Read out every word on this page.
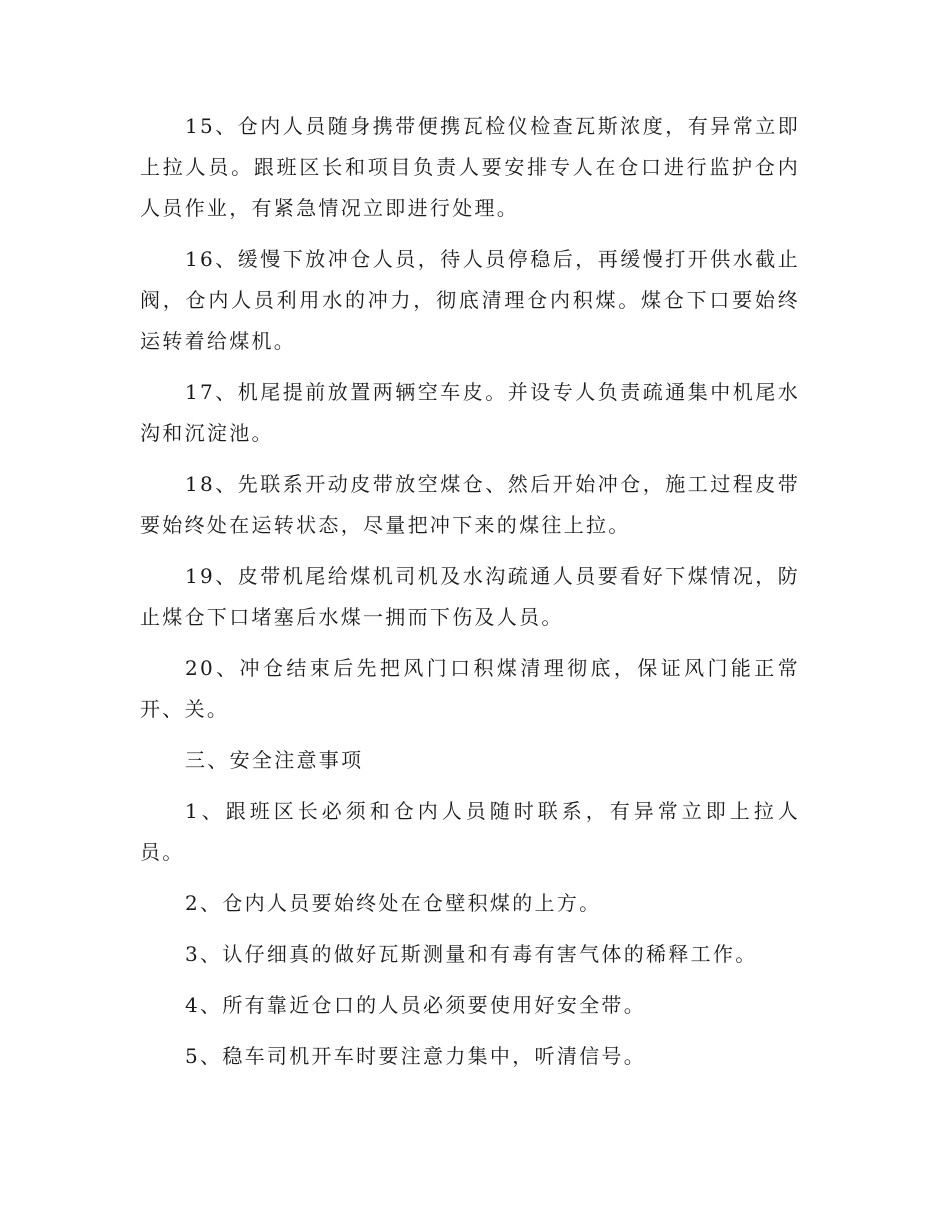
15、仓内人员随身携带便携瓦检仪检查瓦斯浓度，有异常立即上拉人员。跟班区长和项目负责人要安排专人在仓口进行监护仓内人员作业，有紧急情况立即进行处理。

16、缓慢下放冲仓人员，待人员停稳后，再缓慢打开供水截止阀，仓内人员利用水的冲力，彻底清理仓内积煤。煤仓下口要始终运转着给煤机。

17、机尾提前放置两辆空车皮。并设专人负责疏通集中机尾水沟和沉淀池。

18、先联系开动皮带放空煤仓、然后开始冲仓，施工过程皮带要始终处在运转状态，尽量把冲下来的煤往上拉。

19、皮带机尾给煤机司机及水沟疏通人员要看好下煤情况，防止煤仓下口堵塞后水煤一拥而下伤及人员。

20、冲仓结束后先把风门口积煤清理彻底，保证风门能正常开、关。

三、安全注意事项

1、跟班区长必须和仓内人员随时联系，有异常立即上拉人员。

2、仓内人员要始终处在仓壁积煤的上方。

3、认仔细真的做好瓦斯测量和有毒有害气体的稀释工作。

4、所有靠近仓口的人员必须要使用好安全带。

5、稳车司机开车时要注意力集中，听清信号。
